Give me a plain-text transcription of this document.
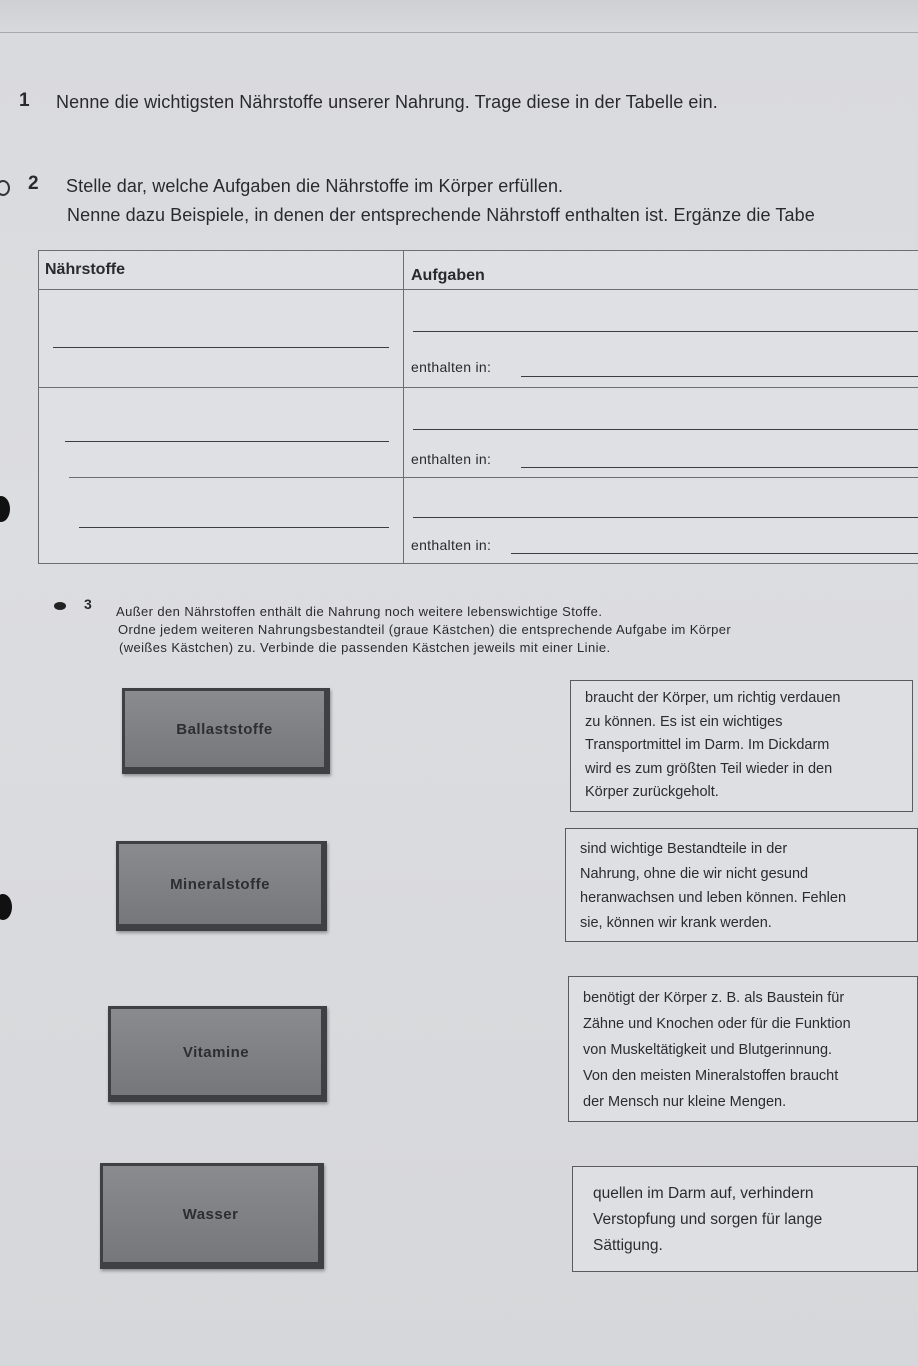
1 Nenne die wichtigsten Nährstoffe unserer Nahrung. Trage diese in der Tabelle ein.
2 Stelle dar, welche Aufgaben die Nährstoffe im Körper erfüllen.
Nenne dazu Beispiele, in denen der entsprechende Nährstoff enthalten ist. Ergänze die Tabe
Nährstoffe	Aufgaben
enthalten in:
enthalten in:
enthalten in:
3 Außer den Nährstoffen enthält die Nahrung noch weitere lebenswichtige Stoffe.
Ordne jedem weiteren Nahrungsbestandteil (graue Kästchen) die entsprechende Aufgabe im Körper
(weißes Kästchen) zu. Verbinde die passenden Kästchen jeweils mit einer Linie.
Ballaststoffe
Mineralstoffe
Vitamine
Wasser
braucht der Körper, um richtig verdauen
zu können. Es ist ein wichtiges
Transportmittel im Darm. Im Dickdarm
wird es zum größten Teil wieder in den
Körper zurückgeholt.
sind wichtige Bestandteile in der
Nahrung, ohne die wir nicht gesund
heranwachsen und leben können. Fehlen
sie, können wir krank werden.
benötigt der Körper z. B. als Baustein für
Zähne und Knochen oder für die Funktion
von Muskeltätigkeit und Blutgerinnung.
Von den meisten Mineralstoffen braucht
der Mensch nur kleine Mengen.
quellen im Darm auf, verhindern
Verstopfung und sorgen für lange
Sättigung.
